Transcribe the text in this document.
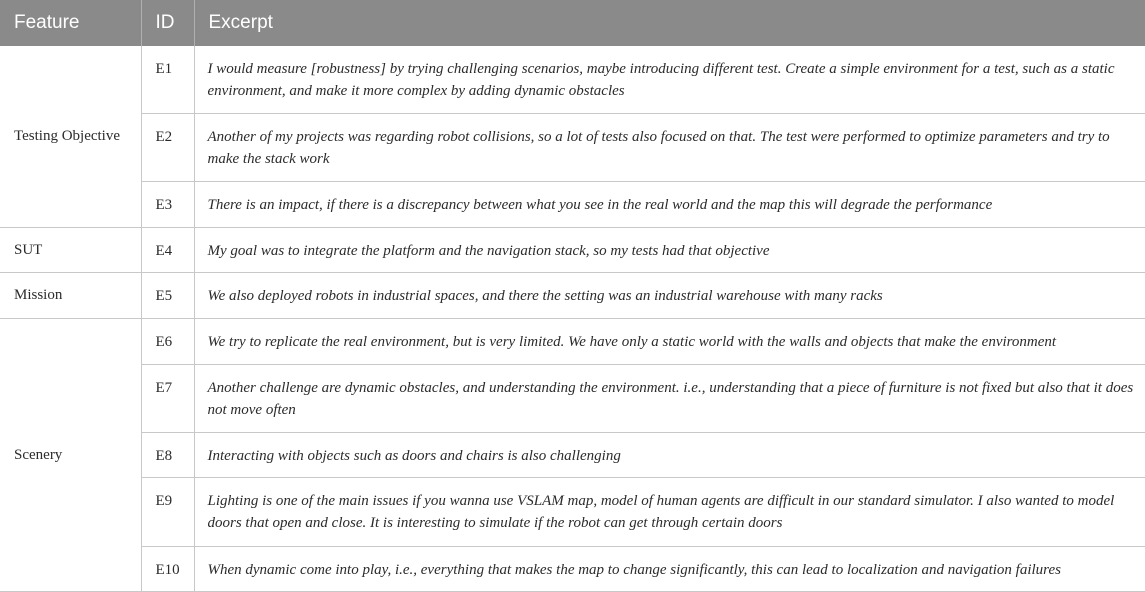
Feature	ID	Excerpt
Testing Objective	E1	I would measure [robustness] by trying challenging scenarios, maybe introducing different test. Create a simple environment for a test, such as a static environment, and make it more complex by adding dynamic obstacles
	E2	Another of my projects was regarding robot collisions, so a lot of tests also focused on that. The test were performed to optimize parameters and try to make the stack work
	E3	There is an impact, if there is a discrepancy between what you see in the real world and the map this will degrade the performance
SUT	E4	My goal was to integrate the platform and the navigation stack, so my tests had that objective
Mission	E5	We also deployed robots in industrial spaces, and there the setting was an industrial warehouse with many racks
Scenery	E6	We try to replicate the real environment, but is very limited. We have only a static world with the walls and objects that make the environment
	E7	Another challenge are dynamic obstacles, and understanding the environment. i.e., understanding that a piece of furniture is not fixed but also that it does not move often
	E8	Interacting with objects such as doors and chairs is also challenging
	E9	Lighting is one of the main issues if you wanna use VSLAM map, model of human agents are difficult in our standard simulator. I also wanted to model doors that open and close. It is interesting to simulate if the robot can get through certain doors
	E10	When dynamic come into play, i.e., everything that makes the map to change significantly, this can lead to localization and navigation failures
